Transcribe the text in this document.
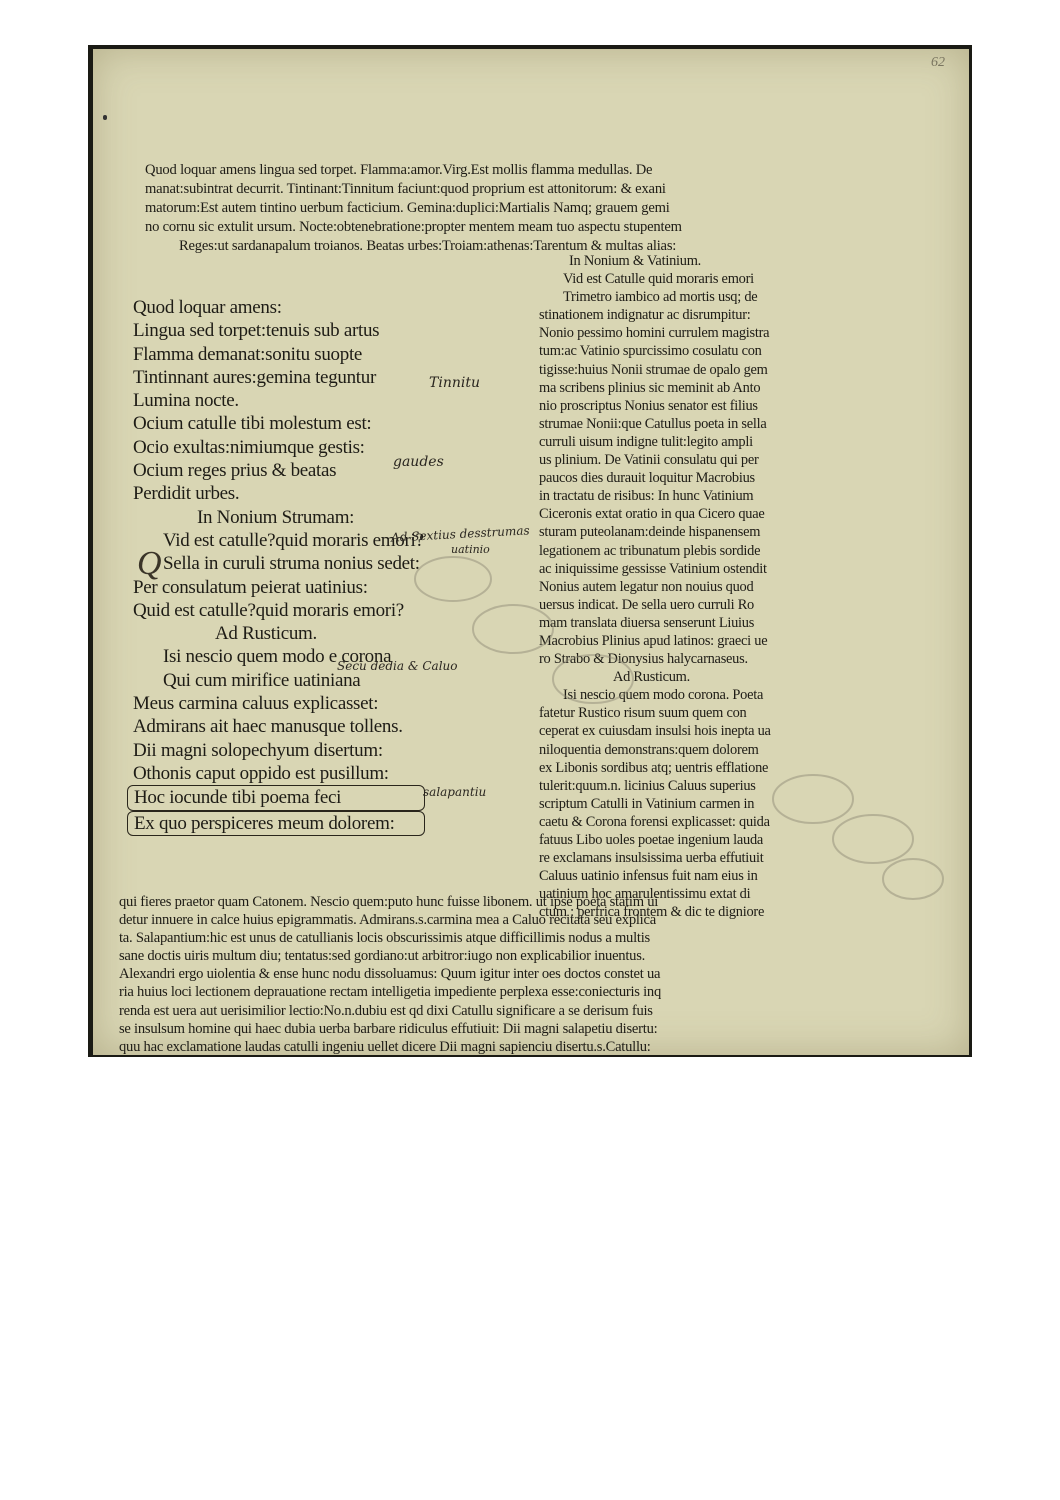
62
Quod loquar amens lingua sed torpet. Flamma:amor.Virg.Est mollis flamma medullas. De
manat:subintrat decurrit. Tintinant:Tinnitum faciunt:quod proprium est attonitorum: & exani
matorum:Est autem tintino uerbum facticium. Gemina:duplici:Martialis Namq; grauem gemi
no cornu sic extulit ursum. Nocte:obtenebratione:propter mentem meam tuo aspectu stupentem
Reges:ut sardanapalum troianos. Beatas urbes:Troiam:athenas:Tarentum & multas alias:
Q
Quod loquar amens:
Lingua sed torpet:tenuis sub artus
Flamma demanat:sonitu suopte
Tintinnant aures:gemina teguntur
Lumina nocte.
Ocium catulle tibi molestum est:
Ocio exultas:nimiumque gestis:
Ocium reges prius & beatas
Perdidit urbes.
In Nonium Strumam:
Vid est catulle?quid moraris emori?
Sella in curuli struma nonius sedet:
Per consulatum peierat uatinius:
Quid est catulle?quid moraris emori?
Ad Rusticum.
Isi nescio quem modo e corona
Qui cum mirifice uatiniana
Meus carmina caluus explicasset:
Admirans ait haec manusque tollens.
Dii magni solopechyum disertum:
Othonis caput oppido est pusillum:
Hoc iocunde tibi poema feci
Ex quo perspiceres meum dolorem:
In Nonium & Vatinium.
Vid est Catulle quid moraris emori
Trimetro iambico ad mortis usq; de
stinationem indignatur ac disrumpitur:
Nonio pessimo homini currulem magistra
tum:ac Vatinio spurcissimo cosulatu con
tigisse:huius Nonii strumae de opalo gem
ma scribens plinius sic meminit ab Anto
nio proscriptus Nonius senator est filius
strumae Nonii:que Catullus poeta in sella
curruli uisum indigne tulit:legito ampli
us plinium. De Vatinii consulatu qui per
paucos dies durauit loquitur Macrobius
in tractatu de risibus: In hunc Vatinium
Ciceronis extat oratio in qua Cicero quae
sturam puteolanam:deinde hispanensem
legationem ac tribunatum plebis sordide
ac iniquissime gessisse Vatinium ostendit
Nonius autem legatur non nouius quod
uersus indicat. De sella uero curruli Ro
mam translata diuersa senserunt Liuius
Macrobius Plinius apud latinos: graeci ue
ro Strabo & Dionysius halycarnaseus.
Ad Rusticum.
Isi nescio quem modo corona. Poeta
fatetur Rustico risum suum quem con
ceperat ex cuiusdam insulsi hois inepta ua
niloquentia demonstrans:quem dolorem
ex Libonis sordibus atq; uentris efflatione
tulerit:quum.n. licinius Caluus superius
scriptum Catulli in Vatinium carmen in
caetu & Corona forensi explicasset: quida
fatuus Libo uoles poetae ingenium lauda
re exclamans insulsissima uerba effutiuit
Caluus uatinio infensus fuit nam eius in
uatinium hoc amarulentissimu extat di
ctum : perfrica frontem & dic te digniore
qui fieres praetor quam Catonem. Nescio quem:puto hunc fuisse libonem. ut ipse poeta statim ui
detur innuere in calce huius epigrammatis. Admirans.s.carmina mea a Caluo recitata seu explica
ta. Salapantium:hic est unus de catullianis locis obscurissimis atque difficillimis nodus a multis
sane doctis uiris multum diu; tentatus:sed gordiano:ut arbitror:iugo non explicabilior inuentus.
Alexandri ergo uiolentia & ense hunc nodu dissoluamus: Quum igitur inter oes doctos constet ua
ria huius loci lectionem deprauatione rectam intelligetia impediente perplexa esse:coniecturis inq
renda est uera aut uerisimilior lectio:No.n.dubiu est qd dixi Catullu significare a se derisum fuis
se insulsum homine qui haec dubia uerba barbare ridiculus effutiuit: Dii magni salapetiu disertu:
quu hac exclamatione laudas catulli ingeniu uellet dicere Dii magni sapienciu disertu.s.Catullu:
Tinnitu
gaudes
Ad Sextius desstrumas
uatinio
Secu dedia & Caluo
salapantiu
